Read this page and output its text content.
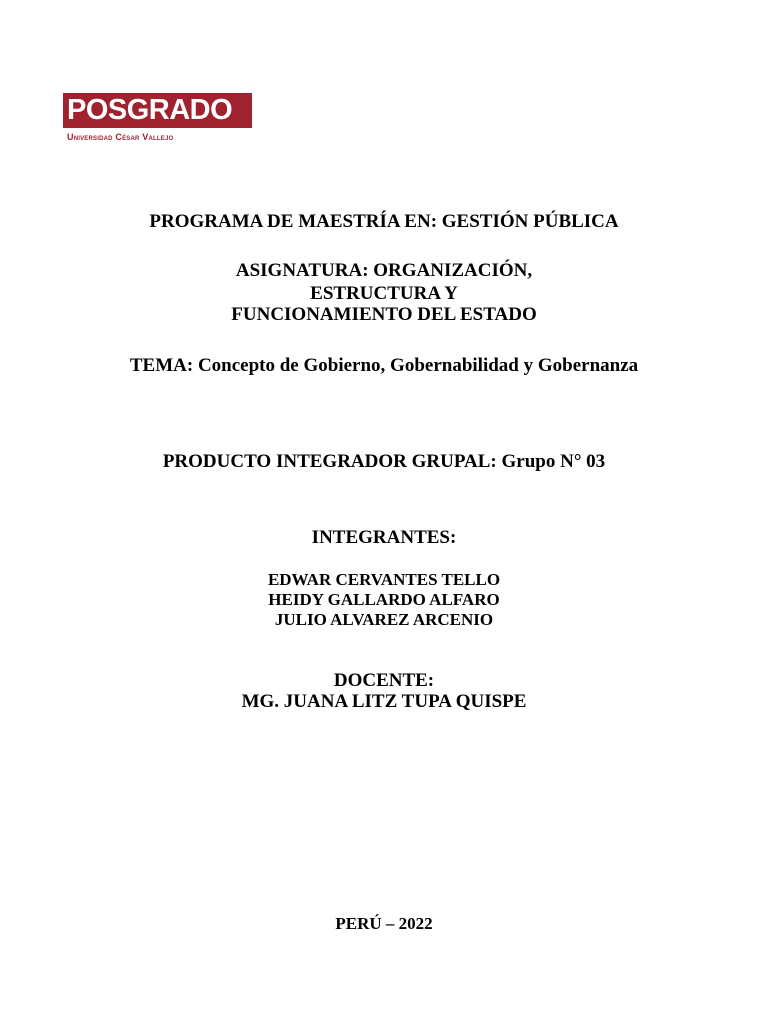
POSGRADO
Universidad César Vallejo
PROGRAMA DE MAESTRÍA EN: GESTIÓN PÚBLICA
ASIGNATURA: ORGANIZACIÓN,
ESTRUCTURA Y
FUNCIONAMIENTO DEL ESTADO
TEMA: Concepto de Gobierno, Gobernabilidad y Gobernanza
PRODUCTO INTEGRADOR GRUPAL: Grupo N° 03
INTEGRANTES:
EDWAR CERVANTES TELLO
HEIDY GALLARDO ALFARO
JULIO ALVAREZ ARCENIO
DOCENTE:
MG. JUANA LITZ TUPA QUISPE
PERÚ – 2022
